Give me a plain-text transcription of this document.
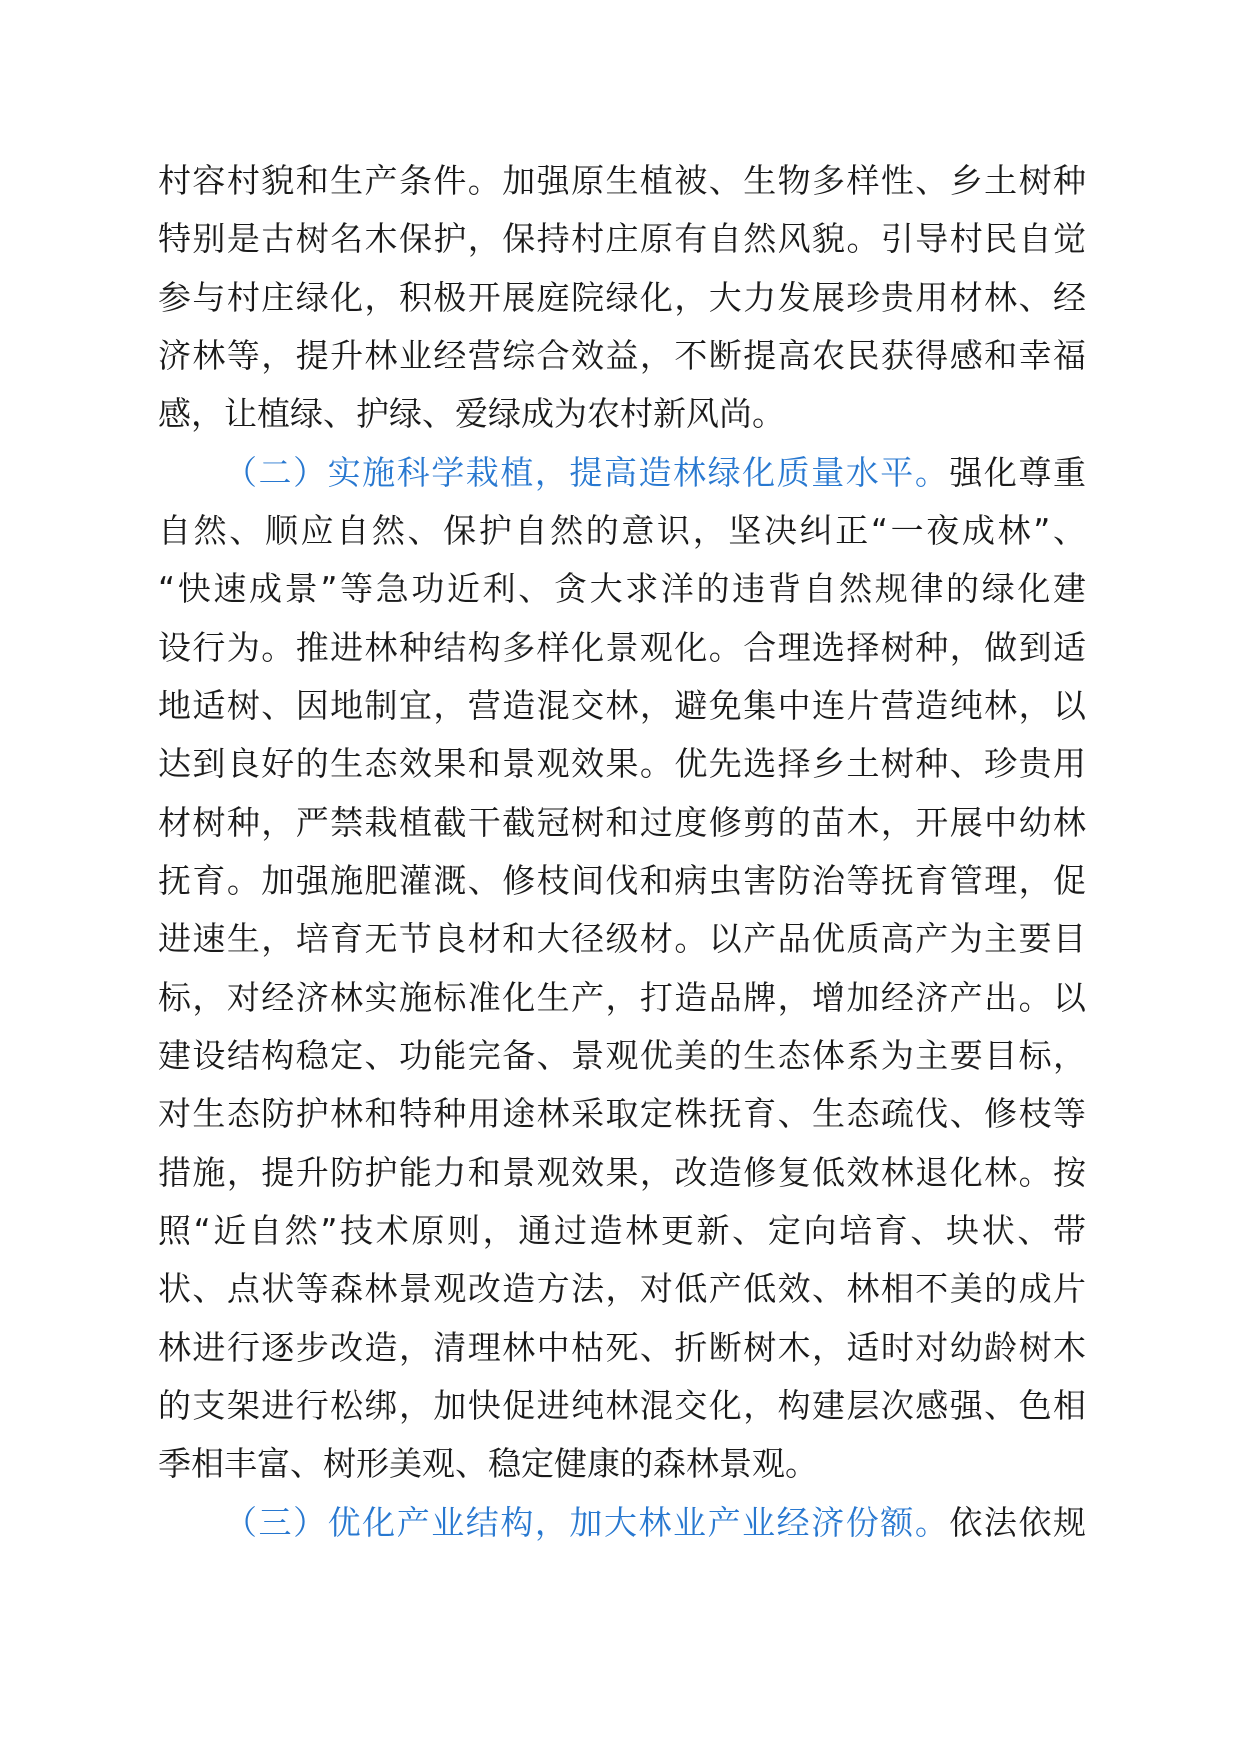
村容村貌和生产条件。加强原生植被、生物多样性、乡土树种
特别是古树名木保护，保持村庄原有自然风貌。引导村民自觉
参与村庄绿化，积极开展庭院绿化，大力发展珍贵用材林、经
济林等，提升林业经营综合效益，不断提高农民获得感和幸福
感，让植绿、护绿、爱绿成为农村新风尚。
（二）实施科学栽植，提高造林绿化质量水平。强化尊重
自然、顺应自然、保护自然的意识，坚决纠正“一夜成林”、
“快速成景”等急功近利、贪大求洋的违背自然规律的绿化建
设行为。推进林种结构多样化景观化。合理选择树种，做到适
地适树、因地制宜，营造混交林，避免集中连片营造纯林，以
达到良好的生态效果和景观效果。优先选择乡土树种、珍贵用
材树种，严禁栽植截干截冠树和过度修剪的苗木，开展中幼林
抚育。加强施肥灌溉、修枝间伐和病虫害防治等抚育管理，促
进速生，培育无节良材和大径级材。以产品优质高产为主要目
标，对经济林实施标准化生产，打造品牌，增加经济产出。以
建设结构稳定、功能完备、景观优美的生态体系为主要目标，
对生态防护林和特种用途林采取定株抚育、生态疏伐、修枝等
措施，提升防护能力和景观效果，改造修复低效林退化林。按
照“近自然”技术原则，通过造林更新、定向培育、块状、带
状、点状等森林景观改造方法，对低产低效、林相不美的成片
林进行逐步改造，清理林中枯死、折断树木，适时对幼龄树木
的支架进行松绑，加快促进纯林混交化，构建层次感强、色相
季相丰富、树形美观、稳定健康的森林景观。
（三）优化产业结构，加大林业产业经济份额。依法依规
